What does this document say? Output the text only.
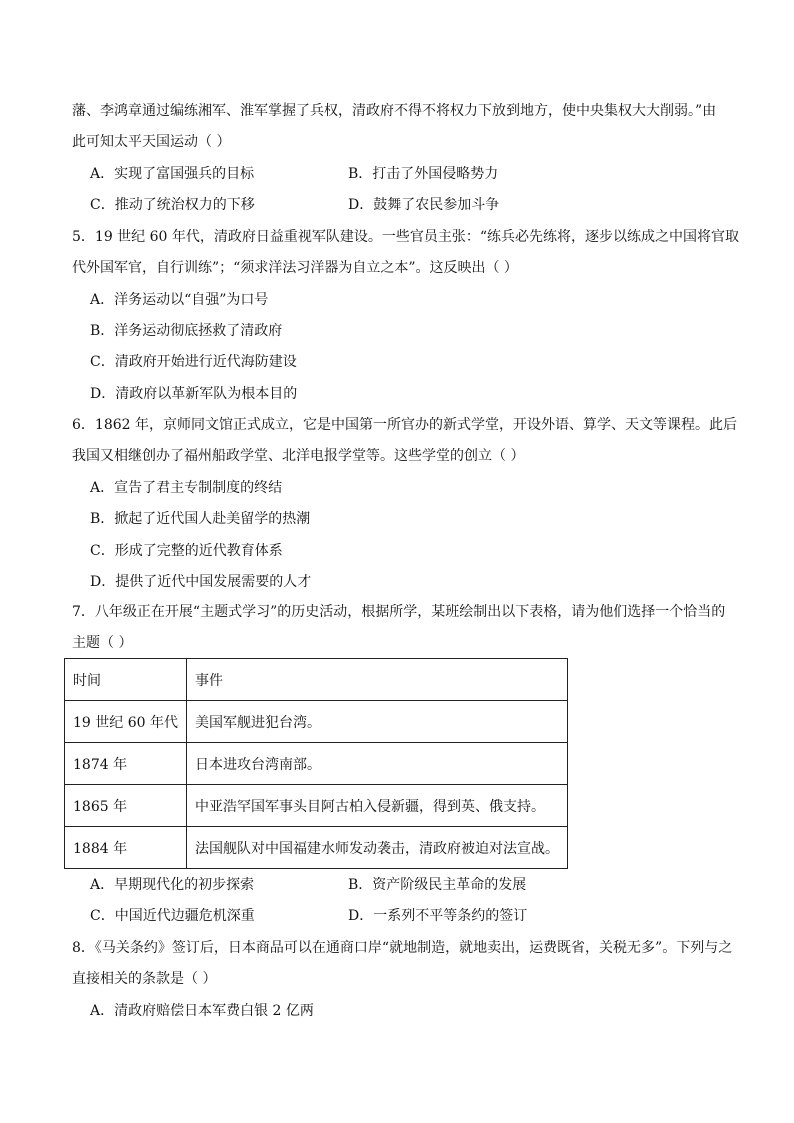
藩、李鸿章通过编练湘军、淮军掌握了兵权，清政府不得不将权力下放到地方，使中央集权大大削弱。”由
此可知太平天国运动（ ）
A．实现了富国强兵的目标	B．打击了外国侵略势力
C．推动了统治权力的下移	D．鼓舞了农民参加斗争
5．19 世纪 60 年代，清政府日益重视军队建设。一些官员主张：“练兵必先练将，逐步以练成之中国将官取
代外国军官，自行训练”；“须求洋法习洋器为自立之本”。这反映出（ ）
A．洋务运动以“自强”为口号
B．洋务运动彻底拯救了清政府
C．清政府开始进行近代海防建设
D．清政府以革新军队为根本目的
6．1862 年，京师同文馆正式成立，它是中国第一所官办的新式学堂，开设外语、算学、天文等课程。此后
我国又相继创办了福州船政学堂、北洋电报学堂等。这些学堂的创立（ ）
A．宣告了君主专制制度的终结
B．掀起了近代国人赴美留学的热潮
C．形成了完整的近代教育体系
D．提供了近代中国发展需要的人才
7．八年级正在开展“主题式学习”的历史活动，根据所学，某班绘制出以下表格，请为他们选择一个恰当的
主题（ ）
时间	事件
19 世纪 60 年代	美国军舰进犯台湾。
1874 年	日本进攻台湾南部。
1865 年	中亚浩罕国军事头目阿古柏入侵新疆，得到英、俄支持。
1884 年	法国舰队对中国福建水师发动袭击，清政府被迫对法宣战。
A．早期现代化的初步探索	B．资产阶级民主革命的发展
C．中国近代边疆危机深重	D．一系列不平等条约的签订
8．《马关条约》签订后，日本商品可以在通商口岸“就地制造，就地卖出，运费既省，关税无多”。下列与之
直接相关的条款是（ ）
A．清政府赔偿日本军费白银 2 亿两
